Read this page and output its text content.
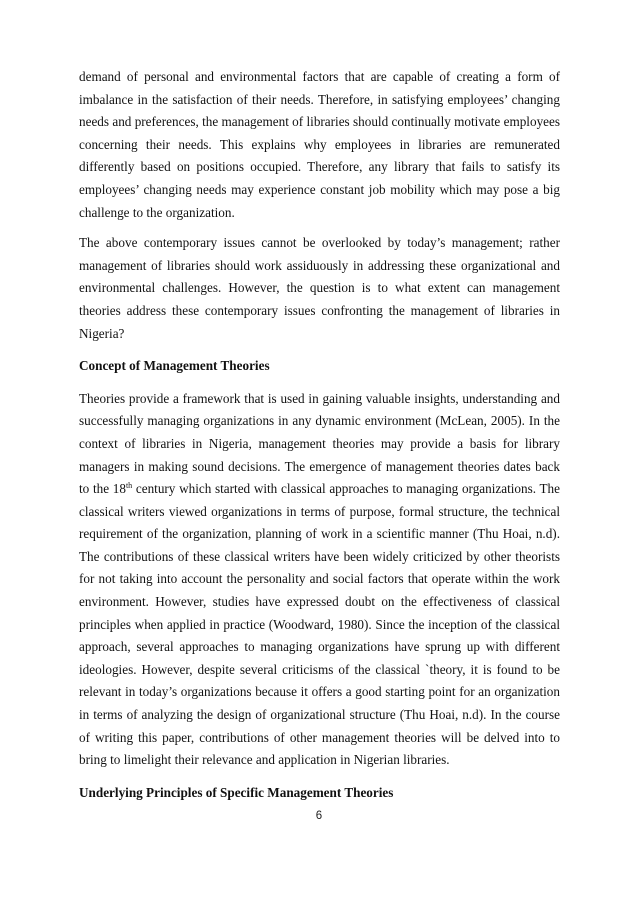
demand of personal and environmental factors that are capable of creating a form of imbalance in the satisfaction of their needs. Therefore, in satisfying employees’ changing needs and preferences, the management of libraries should continually motivate employees concerning their needs. This explains why employees in libraries are remunerated differently based on positions occupied. Therefore, any library that fails to satisfy its employees’ changing needs may experience constant job mobility which may pose a big challenge to the organization.

The above contemporary issues cannot be overlooked by today’s management; rather management of libraries should work assiduously in addressing these organizational and environmental challenges. However, the question is to what extent can management theories address these contemporary issues confronting the management of libraries in Nigeria?

Concept of Management Theories

Theories provide a framework that is used in gaining valuable insights, understanding and successfully managing organizations in any dynamic environment (McLean, 2005). In the context of libraries in Nigeria, management theories may provide a basis for library managers in making sound decisions. The emergence of management theories dates back to the 18th century which started with classical approaches to managing organizations. The classical writers viewed organizations in terms of purpose, formal structure, the technical requirement of the organization, planning of work in a scientific manner (Thu Hoai, n.d). The contributions of these classical writers have been widely criticized by other theorists for not taking into account the personality and social factors that operate within the work environment. However, studies have expressed doubt on the effectiveness of classical principles when applied in practice (Woodward, 1980). Since the inception of the classical approach, several approaches to managing organizations have sprung up with different ideologies. However, despite several criticisms of the classical `theory, it is found to be relevant in today’s organizations because it offers a good starting point for an organization in terms of analyzing the design of organizational structure (Thu Hoai, n.d). In the course of writing this paper, contributions of other management theories will be delved into to bring to limelight their relevance and application in Nigerian libraries.

Underlying Principles of Specific Management Theories

6
